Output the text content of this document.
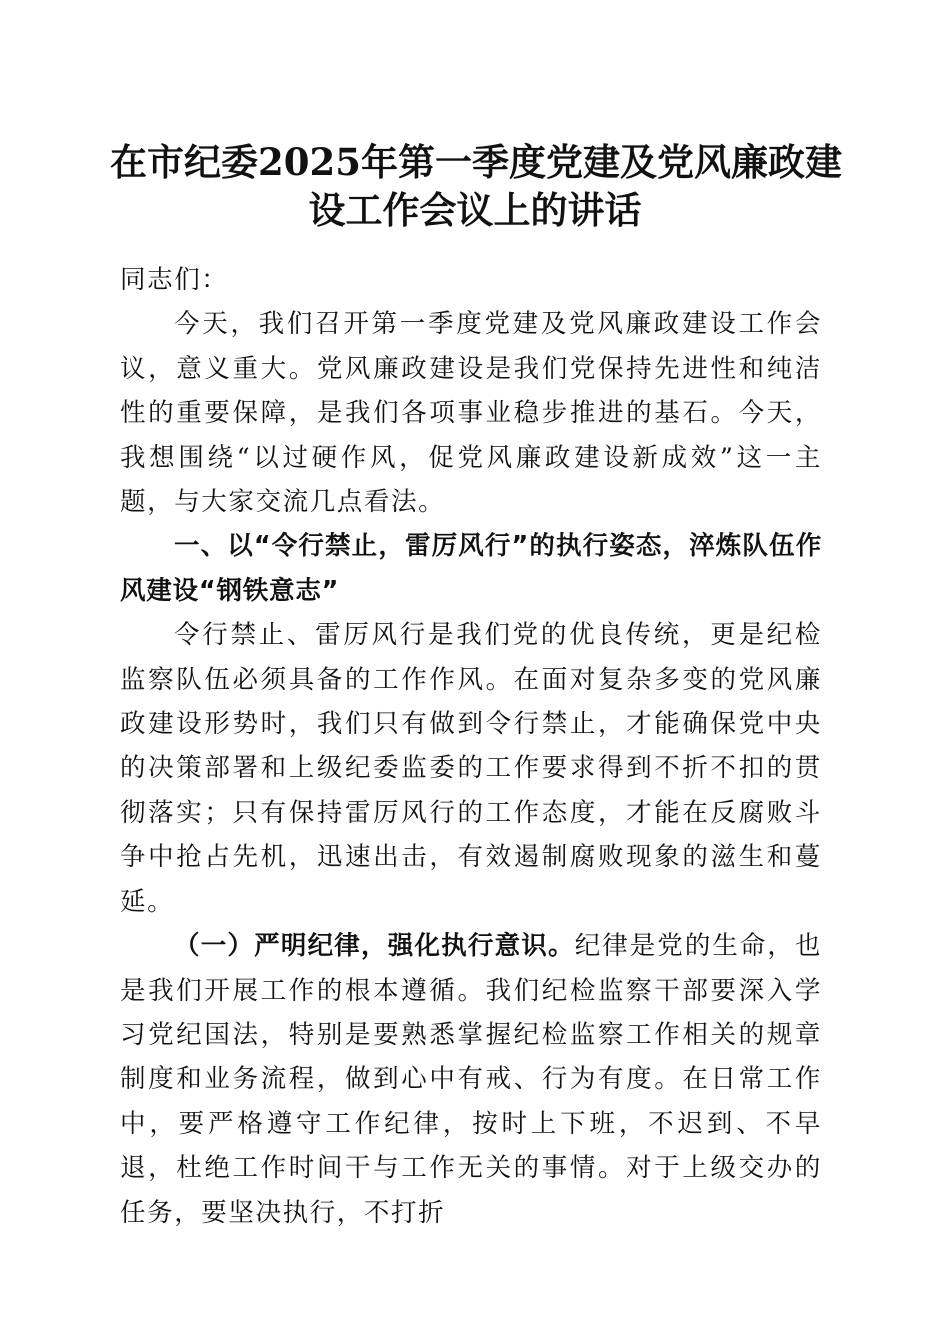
在市纪委2025年第一季度党建及党风廉政建
设工作会议上的讲话

同志们：

今天，我们召开第一季度党建及党风廉政建设工作会议，意义重大。党风廉政建设是我们党保持先进性和纯洁性的重要保障，是我们各项事业稳步推进的基石。今天，我想围绕“以过硬作风，促党风廉政建设新成效”这一主题，与大家交流几点看法。

一、以“令行禁止，雷厉风行”的执行姿态，淬炼队伍作风建设“钢铁意志”

令行禁止、雷厉风行是我们党的优良传统，更是纪检监察队伍必须具备的工作作风。在面对复杂多变的党风廉政建设形势时，我们只有做到令行禁止，才能确保党中央的决策部署和上级纪委监委的工作要求得到不折不扣的贯彻落实；只有保持雷厉风行的工作态度，才能在反腐败斗争中抢占先机，迅速出击，有效遏制腐败现象的滋生和蔓延。

（一）严明纪律，强化执行意识。纪律是党的生命，也是我们开展工作的根本遵循。我们纪检监察干部要深入学习党纪国法，特别是要熟悉掌握纪检监察工作相关的规章制度和业务流程，做到心中有戒、行为有度。在日常工作中，要严格遵守工作纪律，按时上下班，不迟到、不早退，杜绝工作时间干与工作无关的事情。对于上级交办的任务，要坚决执行，不打折
